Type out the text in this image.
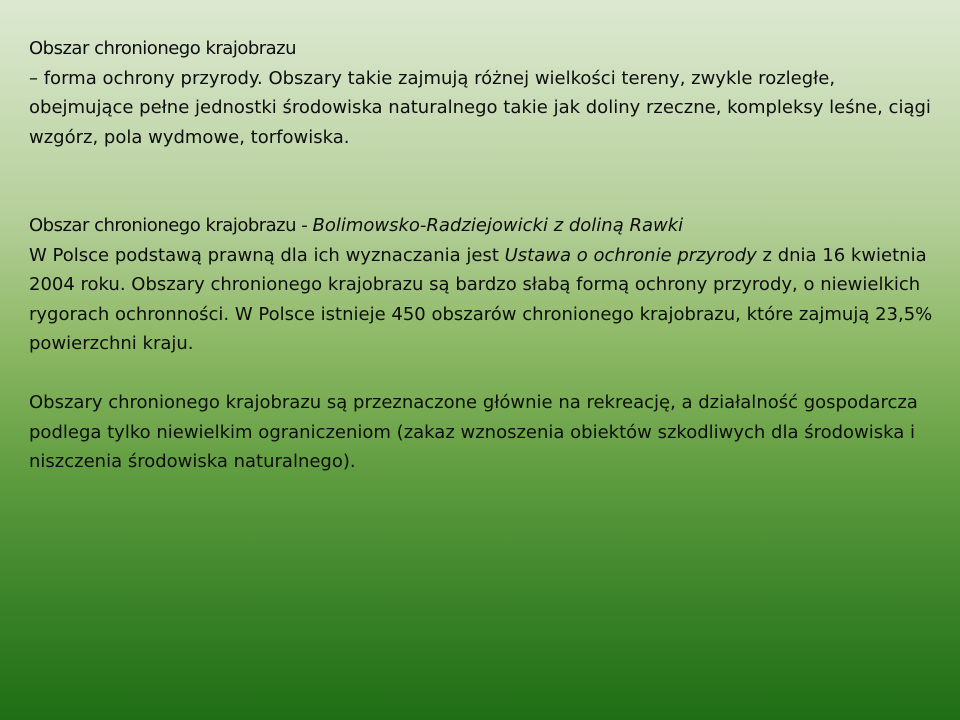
Obszar chronionego krajobrazu

– forma ochrony przyrody. Obszary takie zajmują różnej wielkości tereny, zwykle rozległe, obejmujące pełne jednostki środowiska naturalnego takie jak doliny rzeczne, kompleksy leśne, ciągi wzgórz, pola wydmowe, torfowiska.

Obszar chronionego krajobrazu - Bolimowsko-Radziejowicki z doliną Rawki

W Polsce podstawą prawną dla ich wyznaczania jest Ustawa o ochronie przyrody z dnia 16 kwietnia 2004 roku. Obszary chronionego krajobrazu są bardzo słabą formą ochrony przyrody, o niewielkich rygorach ochronności. W Polsce istnieje 450 obszarów chronionego krajobrazu, które zajmują 23,5% powierzchni kraju.

Obszary chronionego krajobrazu są przeznaczone głównie na rekreację, a działalność gospodarcza podlega tylko niewielkim ograniczeniom (zakaz wznoszenia obiektów szkodliwych dla środowiska i niszczenia środowiska naturalnego).
